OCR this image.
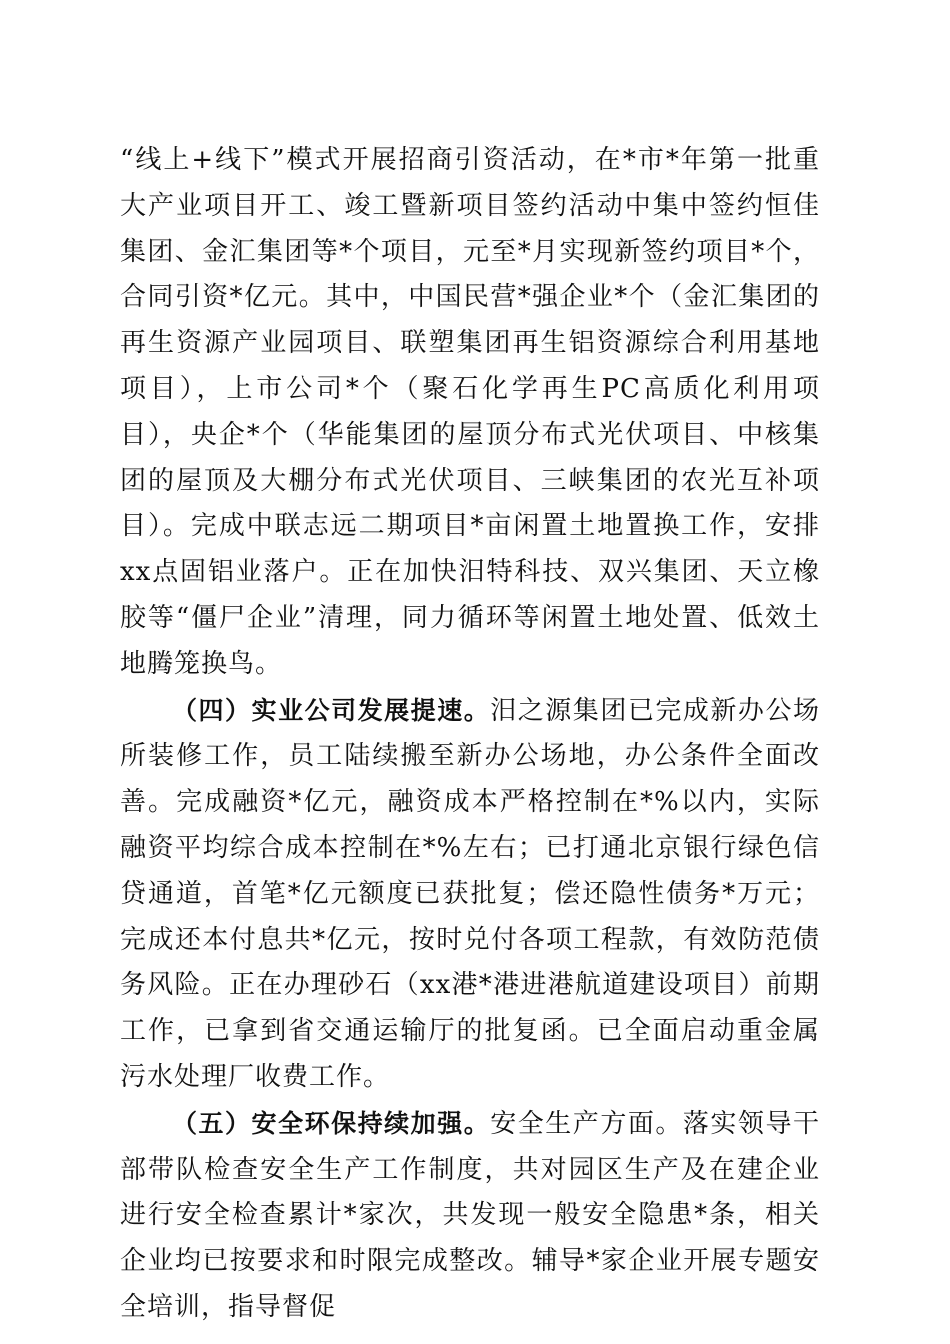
“线上+线下”模式开展招商引资活动，在*市*年第一批重大产业项目开工、竣工暨新项目签约活动中集中签约恒佳集团、金汇集团等*个项目，元至*月实现新签约项目*个，合同引资*亿元。其中，中国民营*强企业*个（金汇集团的再生资源产业园项目、联塑集团再生铝资源综合利用基地项目），上市公司*个（聚石化学再生PC高质化利用项目），央企*个（华能集团的屋顶分布式光伏项目、中核集团的屋顶及大棚分布式光伏项目、三峡集团的农光互补项目）。完成中联志远二期项目*亩闲置土地置换工作，安排xx点固铝业落户。正在加快汨特科技、双兴集团、天立橡胶等“僵尸企业”清理，同力循环等闲置土地处置、低效土地腾笼换鸟。

（四）实业公司发展提速。汨之源集团已完成新办公场所装修工作，员工陆续搬至新办公场地，办公条件全面改善。完成融资*亿元，融资成本严格控制在*%以内，实际融资平均综合成本控制在*%左右；已打通北京银行绿色信贷通道，首笔*亿元额度已获批复；偿还隐性债务*万元；完成还本付息共*亿元，按时兑付各项工程款，有效防范债务风险。正在办理砂石（xx港*港进港航道建设项目）前期工作，已拿到省交通运输厅的批复函。已全面启动重金属污水处理厂收费工作。

（五）安全环保持续加强。安全生产方面。落实领导干部带队检查安全生产工作制度，共对园区生产及在建企业进行安全检查累计*家次，共发现一般安全隐患*条，相关企业均已按要求和时限完成整改。辅导*家企业开展专题安全培训，指导督促
